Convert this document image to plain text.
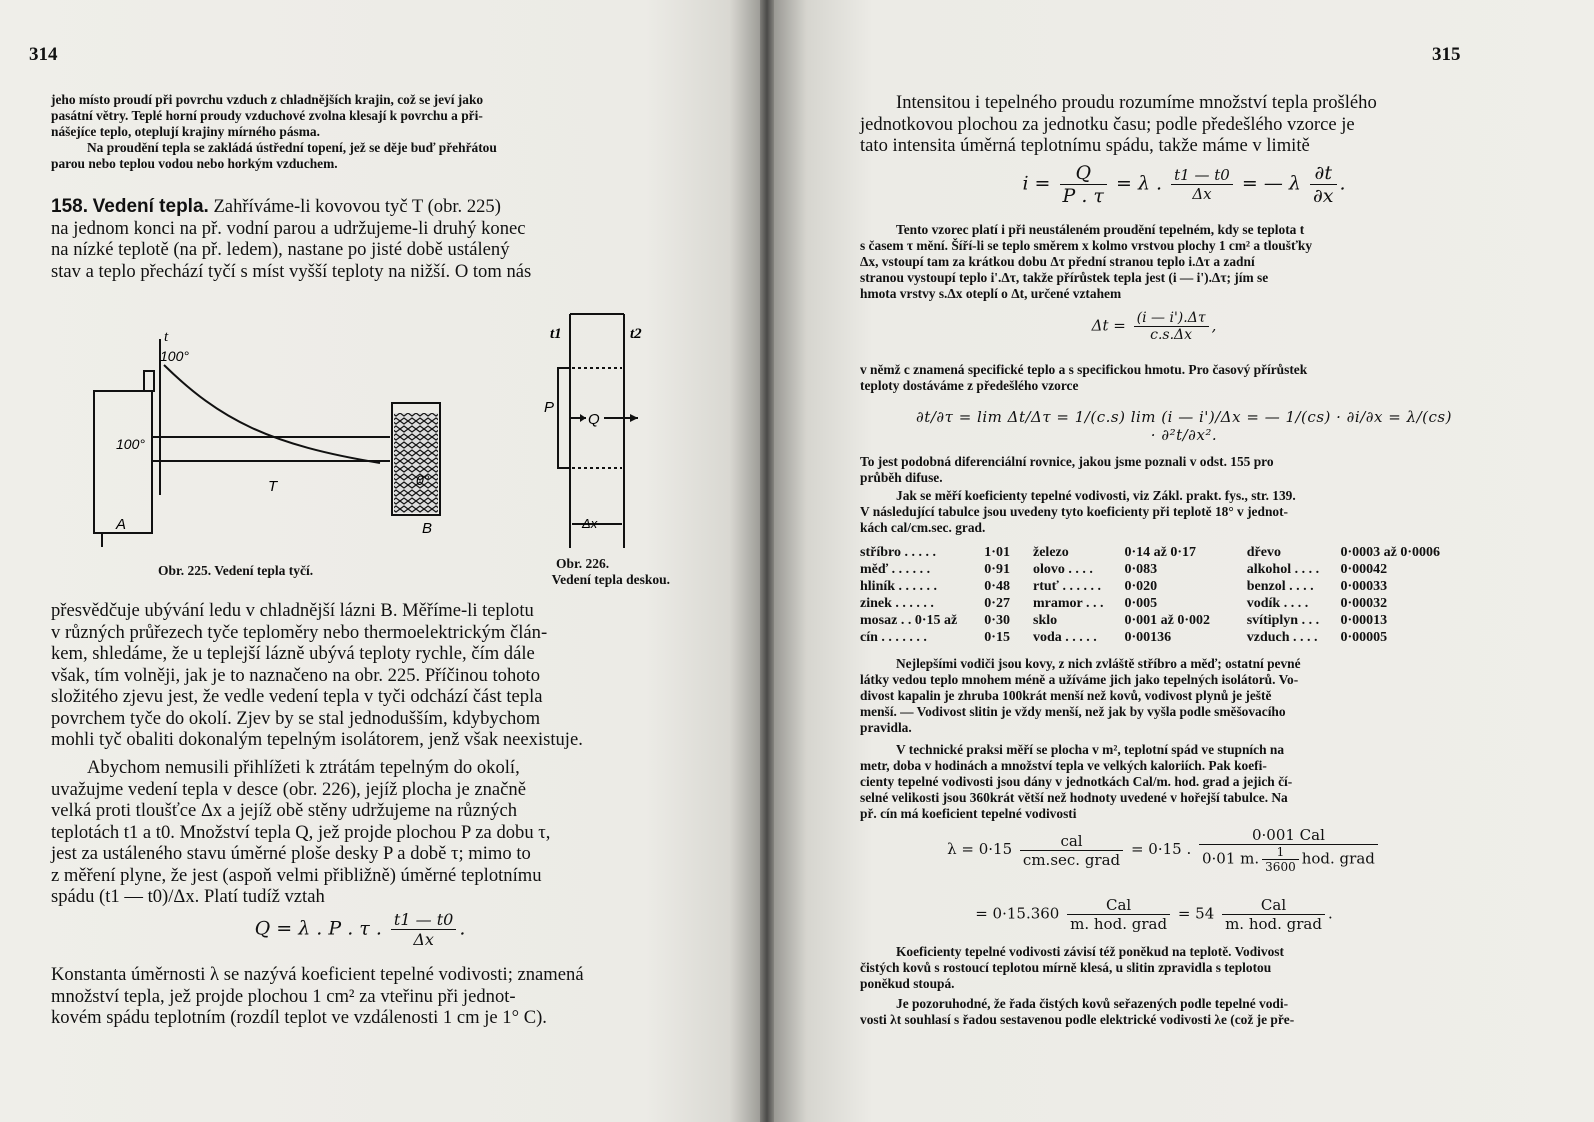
314
jeho místo proudí při povrchu vzduch z chladnějších krajin, což se jeví jako
pasátní větry. Teplé horní proudy vzduchové zvolna klesají k povrchu a při-
nášejíce teplo, oteplují krajiny mírného pásma.
Na proudění tepla se zakládá ústřední topení, jež se děje buď přehřátou
parou nebo teplou vodou nebo horkým vzduchem.
158. Vedení tepla. Zahříváme-li kovovou tyč T (obr. 225)
na jednom konci na př. vodní parou a udržujeme-li druhý konec
na nízké teplotě (na př. ledem), nastane po jisté době ustálený
stav a teplo přechází tyčí s míst vyšší teploty na nižší. O tom nás
t
100°
100°
0°
T
A	B
Obr. 225. Vedení tepla tyčí.
t1	t2
P
Q
Δx
Obr. 226.
Vedení tepla deskou.
přesvědčuje ubývání ledu v chladnější lázni B. Měříme-li teplotu
v různých průřezech tyče teploměry nebo thermoelektrickým člán-
kem, shledáme, že u teplejší lázně ubývá teploty rychle, čím dále
však, tím volněji, jak je to naznačeno na obr. 225. Příčinou tohoto
složitého zjevu jest, že vedle vedení tepla v tyči odchází část tepla
povrchem tyče do okolí. Zjev by se stal jednodušším, kdybychom
mohli tyč obaliti dokonalým tepelným isolátorem, jenž však neexistuje.
Abychom nemusili přihlížeti k ztrátám tepelným do okolí,
uvažujme vedení tepla v desce (obr. 226), jejíž plocha je značně
velká proti tloušťce Δx a jejíž obě stěny udržujeme na různých
teplotách t1 a t0. Množství tepla Q, jež projde plochou P za dobu τ,
jest za ustáleného stavu úměrné ploše desky P a době τ; mimo to
z měření plyne, že jest (aspoň velmi přibližně) úměrné teplotnímu
spádu (t1 — t0)/Δx. Platí tudíž vztah
Q = λ . P . τ . $\frac{t1 — t0}{\Delta x}$ .
Konstanta úměrnosti λ se nazývá koeficient tepelné vodivosti; znamená
množství tepla, jež projde plochou 1 cm² za vteřinu při jednot-
kovém spádu teplotním (rozdíl teplot ve vzdálenosti 1 cm je 1° C).
315
Intensitou i tepelného proudu rozumíme množství tepla prošlého
jednotkovou plochou za jednotku času; podle předešlého vzorce je
tato intensita úměrná teplotnímu spádu, takže máme v limitě
$i = \frac{Q}{P . \tau} = \lambda$ . $\frac{t1 — t0}{\Delta x}$ = — λ $\frac{\partial t}{\partial x}$ .
Tento vzorec platí i při neustáleném proudění tepelném, kdy se teplota t
s časem τ mění. Šíří-li se teplo směrem x kolmo vrstvou plochy 1 cm² a tloušťky
Δx, vstoupí tam za krátkou dobu Δτ přední stranou teplo i.Δτ a zadní
stranou vystoupí teplo i'.Δτ, takže přírůstek tepla jest (i — i').Δτ; jím se
hmota vrstvy s.Δx oteplí o Δt, určené vztahem
$\Delta t = \frac{(i — i').\Delta\tau}{c.s.\Delta x}$ ,
v němž c znamená specifické teplo a s specifickou hmotu. Pro časový přírůstek
teploty dostáváme z předešlého vzorce
∂t/∂τ = lim Δt/Δτ = 1/(c.s) lim (i — i')/Δx = — 1/(cs) · ∂i/∂x = λ/(cs) · ∂²t/∂x².
To jest podobná diferenciální rovnice, jakou jsme poznali v odst. 155 pro
průběh difuse.
Jak se měří koeficienty tepelné vodivosti, viz Zákl. prakt. fys., str. 139.
V následující tabulce jsou uvedeny tyto koeficienty při teplotě 18° v jednot-
kách cal/cm.sec. grad.
stříbro . . . . .	1·01	železo	0·14 až 0·17	dřevo	0·0003 až 0·0006
měď . . . . . .	0·91	olovo . . . .	0·083	alkohol . . . .	0·00042
hliník . . . . . .	0·48	rtuť . . . . . .	0·020	benzol . . . .	0·00033
zinek . . . . . .	0·27	mramor . . .	0·005	vodík . . . .	0·00032
mosaz . . 0·15 až	0·30	sklo	0·001 až 0·002	svítiplyn . . .	0·00013
cín . . . . . . .	0·15	voda . . . . .	0·00136	vzduch . . . .	0·00005
Nejlepšími vodiči jsou kovy, z nich zvláště stříbro a měď; ostatní pevné
látky vedou teplo mnohem méně a užíváme jich jako tepelných isolátorů. Vo-
divost kapalin je zhruba 100krát menší než kovů, vodivost plynů je ještě
menší. — Vodivost slitin je vždy menší, než jak by vyšla podle směšovacího
pravidla.
V technické praksi měří se plocha v m², teplotní spád ve stupních na
metr, doba v hodinách a množství tepla ve velkých kaloriích. Pak koefi-
cienty tepelné vodivosti jsou dány v jednotkách Cal/m. hod. grad a jejich čí-
selné velikosti jsou 360krát větší než hodnoty uvedené v hořejší tabulce. Na
př. cín má koeficient tepelné vodivosti
$\lambda = 0\cdot 15 \frac{\text{cal}}{\text{cm.sec. grad}} = 0\cdot 15$ . $\frac{\text{0·001 Cal}}{0\cdot 01 m. \frac{1}{3600} hod. grad}$
= $0\cdot 15.360 \frac{\text{Cal}}{\text{m. hod. grad}} = 54 \frac{\text{Cal}}{\text{m. hod. grad}}$ .
Koeficienty tepelné vodivosti závisí též poněkud na teplotě. Vodivost
čistých kovů s rostoucí teplotou mírně klesá, u slitin zpravidla s teplotou
poněkud stoupá.
Je pozoruhodné, že řada čistých kovů seřazených podle tepelné vodi-
vosti λt souhlasí s řadou sestavenou podle elektrické vodivosti λe (což je pře-
